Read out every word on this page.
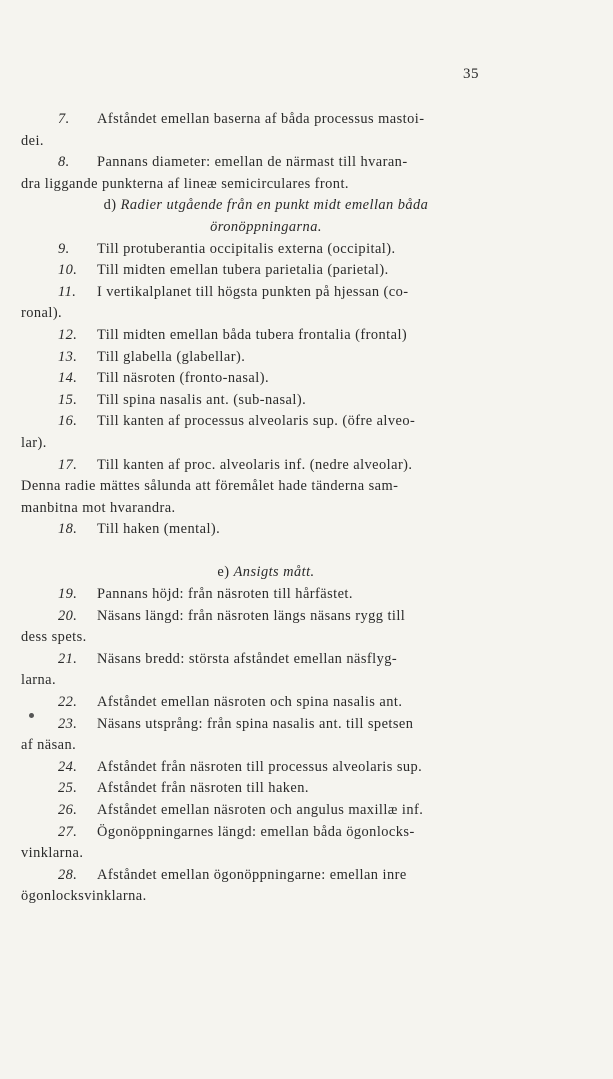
35
7. Afståndet emellan baserna af båda processus mastoi-
dei.
8. Pannans diameter: emellan de närmast till hvaran-
dra liggande punkterna af lineæ semicirculares front.
d) Radier utgående från en punkt midt emellan båda
öronöppningarna.
9. Till protuberantia occipitalis externa (occipital).
10. Till midten emellan tubera parietalia (parietal).
11. I vertikalplanet till högsta punkten på hjessan (co-
ronal).
12. Till midten emellan båda tubera frontalia (frontal)
13. Till glabella (glabellar).
14. Till näsroten (fronto-nasal).
15. Till spina nasalis ant. (sub-nasal).
16. Till kanten af processus alveolaris sup. (öfre alveo-
lar).
17. Till kanten af proc. alveolaris inf. (nedre alveolar).
Denna radie mättes sålunda att föremålet hade tänderna sam-
manbitna mot hvarandra.
18. Till haken (mental).
e) Ansigts mått.
19. Pannans höjd: från näsroten till hårfästet.
20. Näsans längd: från näsroten längs näsans rygg till
dess spets.
21. Näsans bredd: största afståndet emellan näsflyg-
larna.
22. Afståndet emellan näsroten och spina nasalis ant.
23. Näsans utsprång: från spina nasalis ant. till spetsen
af näsan.
24. Afståndet från näsroten till processus alveolaris sup.
25. Afståndet från näsroten till haken.
26. Afståndet emellan näsroten och angulus maxillæ inf.
27. Ögonöppningarnes längd: emellan båda ögonlocks-
vinklarna.
28. Afståndet emellan ögonöppningarne: emellan inre
ögonlocksvinklarna.
